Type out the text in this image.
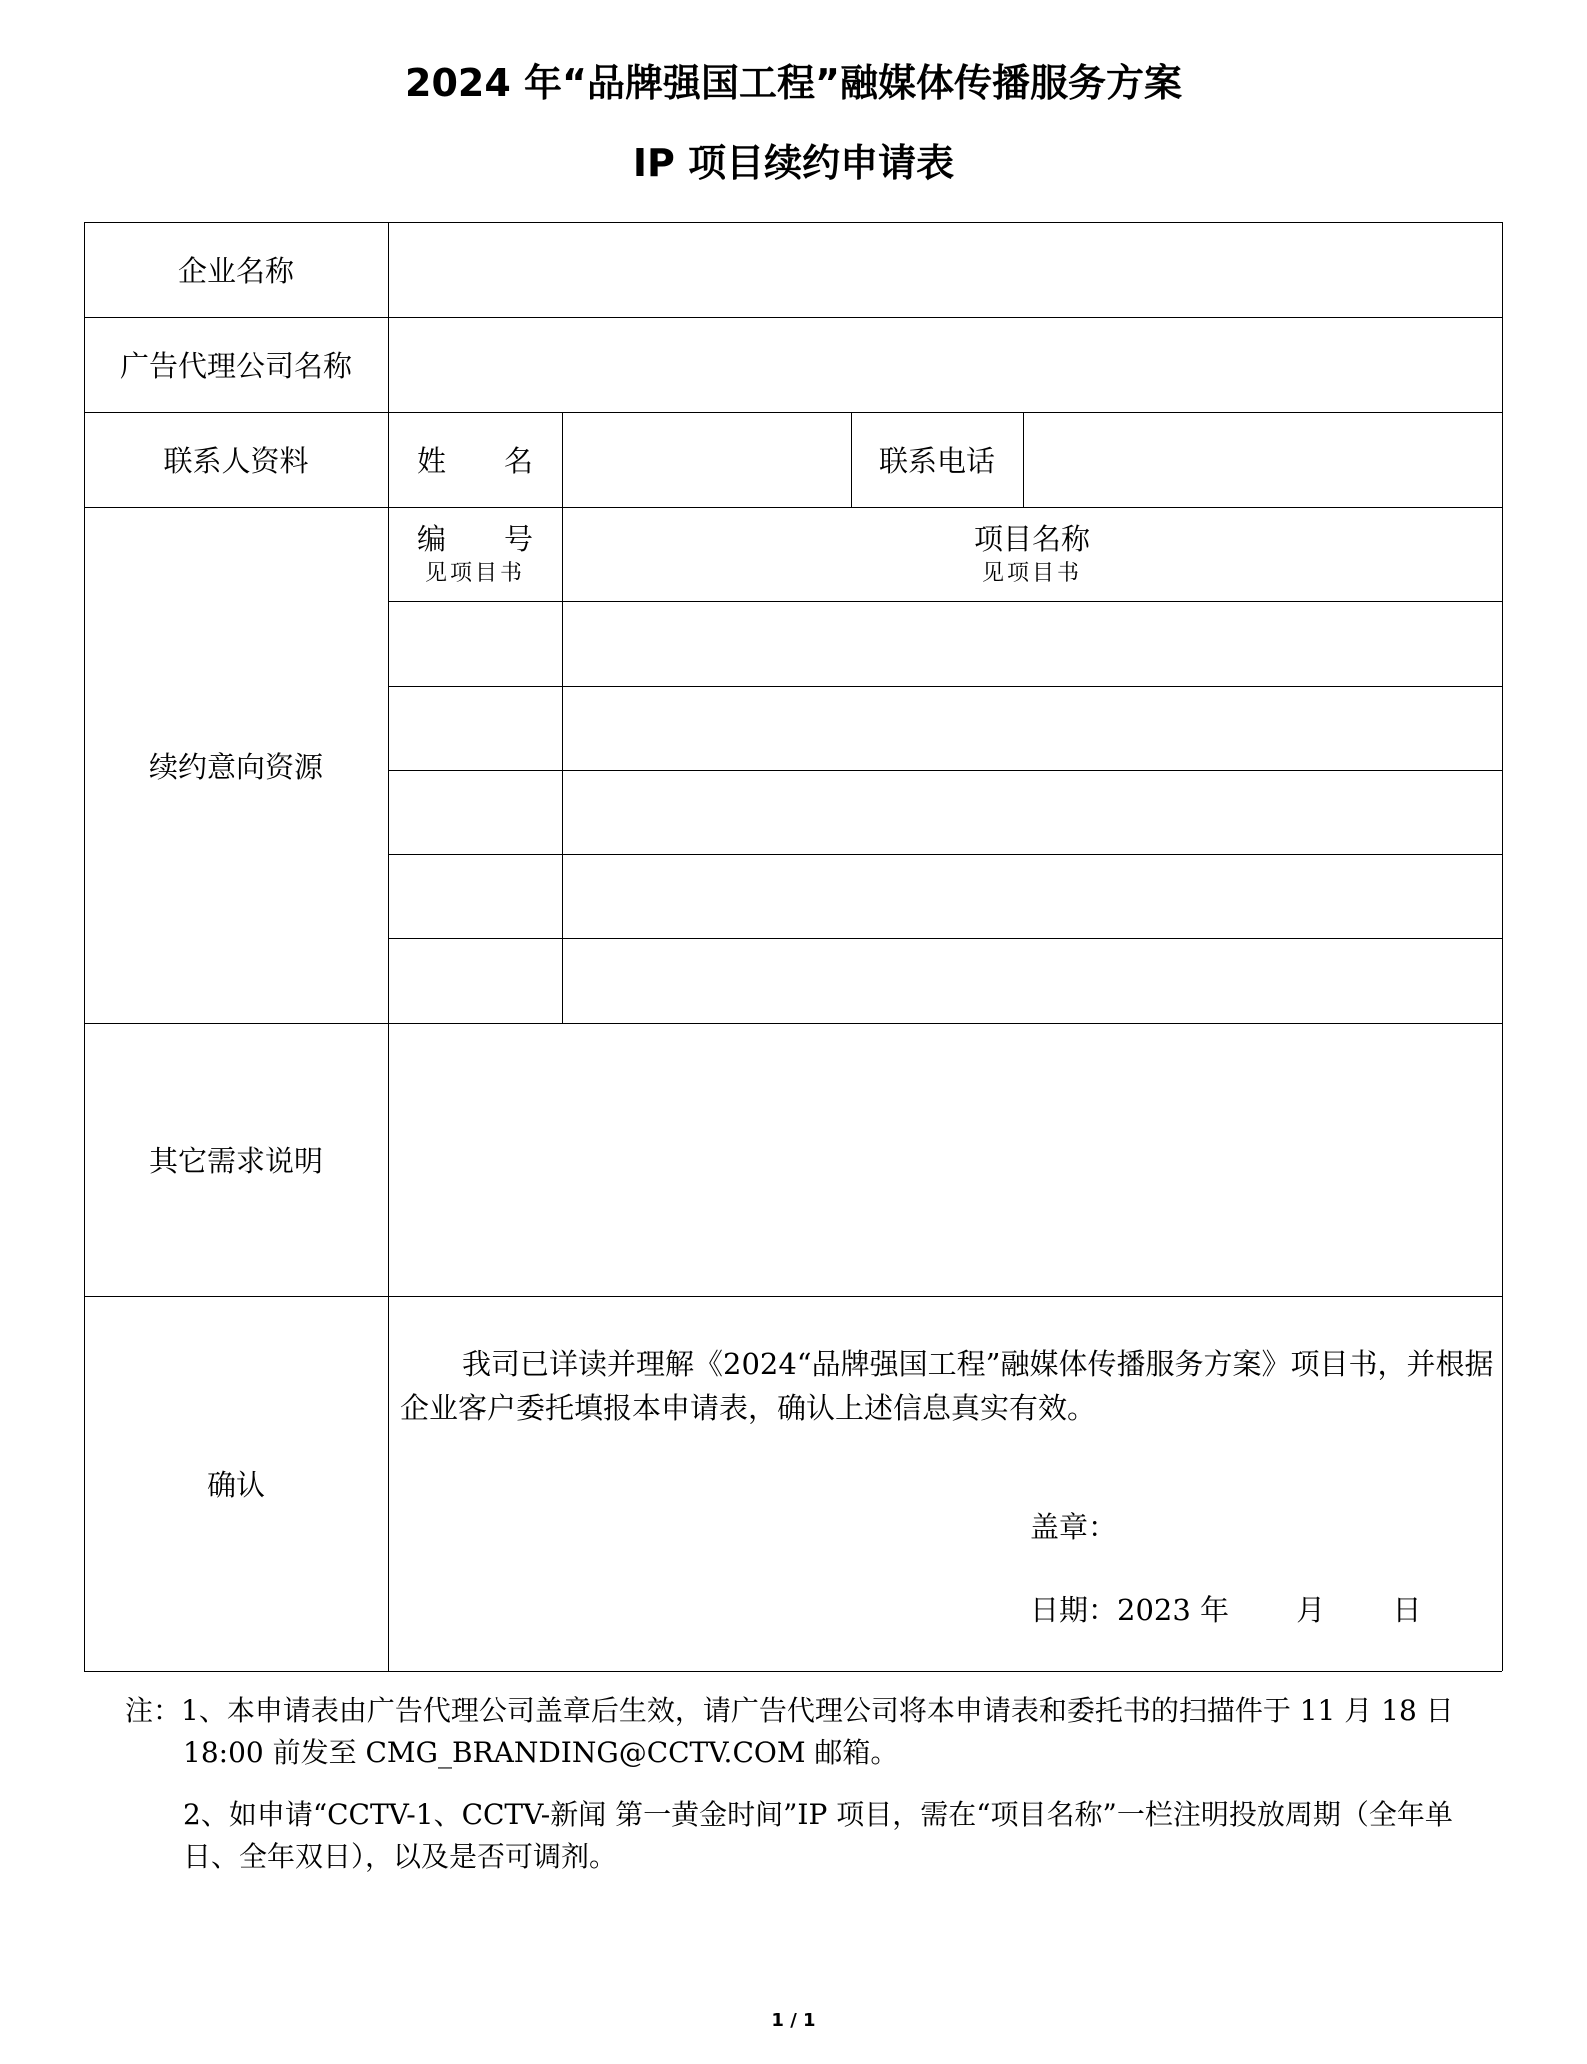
2024 年“品牌强国工程”融媒体传播服务方案
IP 项目续约申请表
企业名称
广告代理公司名称
联系人资料	姓　　名	联系电话
续约意向资源
编　　号
见项目书
项目名称
见项目书
其它需求说明
确认
我司已详读并理解《2024“品牌强国工程”融媒体传播服务方案》项目书，并根据企业客户委托填报本申请表，确认上述信息真实有效。
盖章：
日期：2023 年　　 月　　 日

注：1、本申请表由广告代理公司盖章后生效，请广告代理公司将本申请表和委托书的扫描件于 11 月 18 日 18:00 前发至 CMG_BRANDING@CCTV.COM 邮箱。

2、如申请“CCTV-1、CCTV-新闻 第一黄金时间”IP 项目，需在“项目名称”一栏注明投放周期（全年单日、全年双日），以及是否可调剂。

1 / 1
